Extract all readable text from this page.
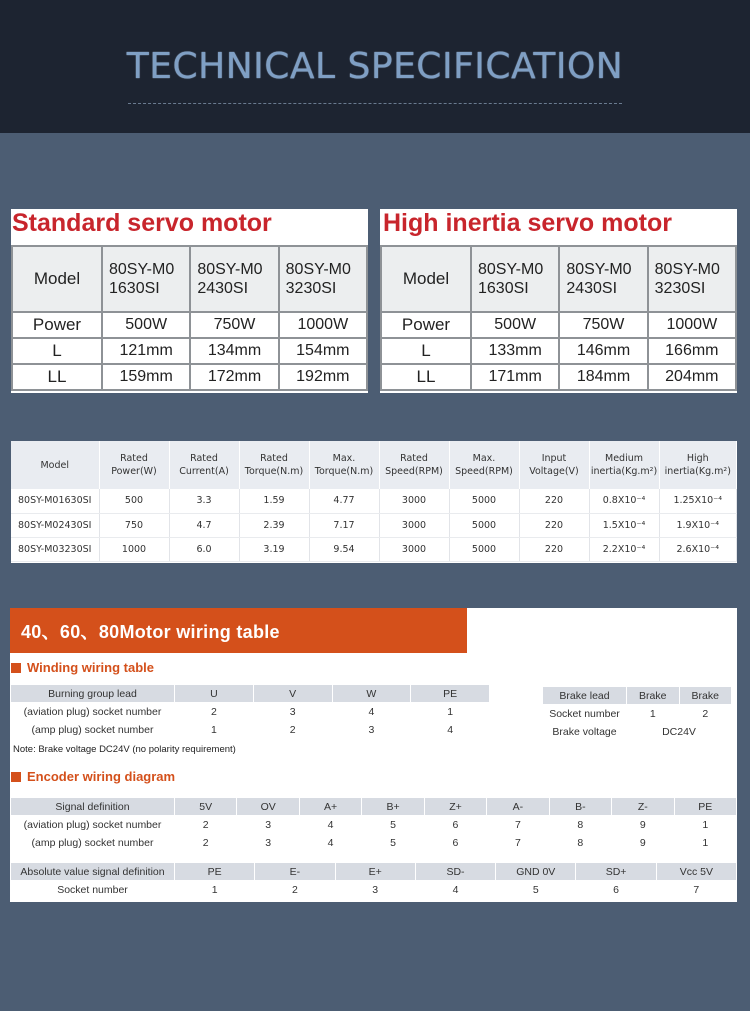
TECHNICAL SPECIFICATION
Standard servo motor
Model	80SY-M0 1630SI	80SY-M0 2430SI	80SY-M0 3230SI
Power	500W	750W	1000W
L	121mm	134mm	154mm
LL	159mm	172mm	192mm
High inertia servo motor
Model	80SY-M0 1630SI	80SY-M0 2430SI	80SY-M0 3230SI
Power	500W	750W	1000W
L	133mm	146mm	166mm
LL	171mm	184mm	204mm
Model	Rated Power(W)	Rated Current(A)	Rated Torque(N.m)	Max. Torque(N.m)	Rated Speed(RPM)	Max. Speed(RPM)	Input Voltage(V)	Medium inertia(Kg.m²)	High inertia(Kg.m²)
80SY-M01630SI	500	3.3	1.59	4.77	3000	5000	220	0.8X10⁻⁴	1.25X10⁻⁴
80SY-M02430SI	750	4.7	2.39	7.17	3000	5000	220	1.5X10⁻⁴	1.9X10⁻⁴
80SY-M03230SI	1000	6.0	3.19	9.54	3000	5000	220	2.2X10⁻⁴	2.6X10⁻⁴
40、60、80Motor wiring table
Winding wiring table
Burning group lead	U	V	W	PE
(aviation plug) socket number	2	3	4	1
(amp plug) socket number	1	2	3	4
Brake lead	Brake	Brake
Socket number	1	2
Brake voltage	DC24V	
Note: Brake voltage DC24V (no polarity requirement)
Encoder wiring diagram
Signal definition	5V	OV	A+	B+	Z+	A-	B-	Z-	PE
(aviation plug) socket number	2	3	4	5	6	7	8	9	1
(amp plug) socket number	2	3	4	5	6	7	8	9	1
Absolute value signal definition	PE	E-	E+	SD-	GND 0V	SD+	Vcc 5V
Socket number	1	2	3	4	5	6	7
